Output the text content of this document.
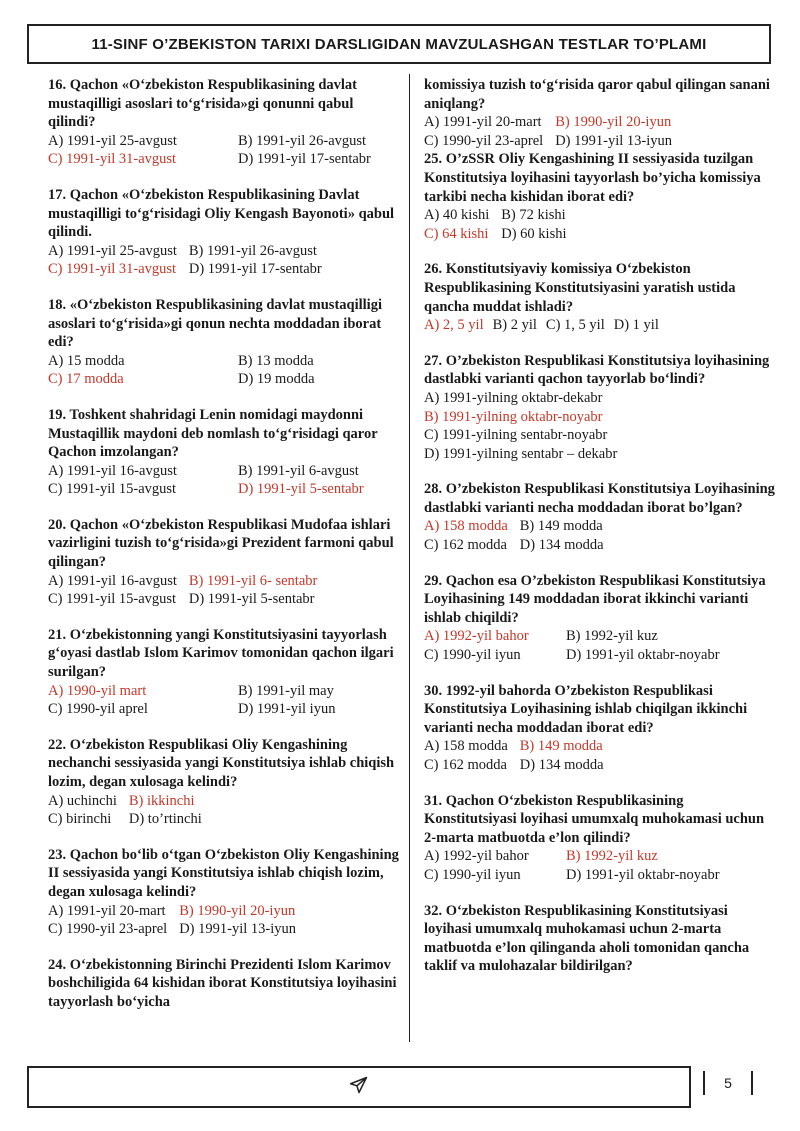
11-SINF O’ZBEKISTON TARIXI DARSLIGIDAN MAVZULASHGAN TESTLAR TO’PLAMI
16. Qachon «O‘zbekiston Respublikasining davlat mustaqilligi asoslari to‘g‘risida»gi qonunni qabul qilindi?
A) 1991-yil 25-avgust	B) 1991-yil 26-avgust
C) 1991-yil 31-avgust	D) 1991-yil 17-sentabr
17. Qachon «O‘zbekiston Respublikasining Davlat mustaqilligi to‘g‘risidagi Oliy Kengash Bayonoti» qabul qilindi.
A) 1991-yil 25-avgust B) 1991-yil 26-avgust
C) 1991-yil 31-avgust D) 1991-yil 17-sentabr
18. «O‘zbekiston Respublikasining davlat mustaqilligi asoslari to‘g‘risida»gi qonun nechta moddadan iborat edi?
A) 15 modda	B) 13 modda
C) 17 modda	D) 19 modda
19. Toshkent shahridagi Lenin nomidagi maydonni Mustaqillik maydoni deb nomlash to‘g‘risidagi qaror Qachon imzolangan?
A) 1991-yil 16-avgust	B) 1991-yil 6-avgust
C) 1991-yil 15-avgust	D) 1991-yil 5-sentabr
20. Qachon «O‘zbekiston Respublikasi Mudofaa ishlari vazirligini tuzish to‘g‘risida»gi Prezident farmoni qabul qilingan?
A) 1991-yil 16-avgust B) 1991-yil 6- sentabr
C) 1991-yil 15-avgust D) 1991-yil 5-sentabr
21. O‘zbekistonning yangi Konstitutsiyasini tayyorlash g‘oyasi dastlab Islom Karimov tomonidan qachon ilgari surilgan?
A) 1990-yil mart	B) 1991-yil may
C) 1990-yil aprel	D) 1991-yil iyun
22. O‘zbekiston Respublikasi Oliy Kengashining nechanchi sessiyasida yangi Konstitutsiya ishlab chiqish lozim, degan xulosaga kelindi?
A) uchinchi B) ikkinchi
C) birinchi	D) to’rtinchi
23. Qachon bo‘lib o‘tgan O‘zbekiston Oliy Kengashining II sessiyasida yangi Konstitutsiya ishlab chiqish lozim, degan xulosaga kelindi?
A) 1991-yil 20-mart B) 1990-yil 20-iyun
C) 1990-yil 23-aprel D) 1991-yil 13-iyun
24. O‘zbekistonning Birinchi Prezidenti Islom Karimov boshchiligida 64 kishidan iborat Konstitutsiya loyihasini tayyorlash bo‘yicha
komissiya tuzish to‘g‘risida qaror qabul qilingan sanani aniqlang?
A) 1991-yil 20-mart B) 1990-yil 20-iyun
C) 1990-yil 23-aprel D) 1991-yil 13-iyun
25. O’zSSR Oliy Kengashining II sessiyasida tuzilgan Konstitutsiya loyihasini tayyorlash bo’yicha komissiya tarkibi necha kishidan iborat edi?
A) 40 kishi B) 72 kishi
C) 64 kishi D) 60 kishi
26. Konstitutsiyaviy komissiya O‘zbekiston Respublikasining Konstitutsiyasini yaratish ustida qancha muddat ishladi?
A) 2, 5 yil B) 2 yil C) 1, 5 yil D) 1 yil
27. O’zbekiston Respublikasi Konstitutsiya loyihasining dastlabki varianti qachon tayyorlab bo‘lindi?
A) 1991-yilning oktabr-dekabr
B) 1991-yilning oktabr-noyabr
C) 1991-yilning sentabr-noyabr
D) 1991-yilning sentabr – dekabr
28. O’zbekiston Respublikasi Konstitutsiya Loyihasining dastlabki varianti necha moddadan iborat bo’lgan?
A) 158 modda B) 149 modda
C) 162 modda D) 134 modda
29. Qachon esa O’zbekiston Respublikasi Konstitutsiya Loyihasining 149 moddadan iborat ikkinchi varianti ishlab chiqildi?
A) 1992-yil bahor	B) 1992-yil kuz
C) 1990-yil iyun	D) 1991-yil oktabr-noyabr
30. 1992-yil bahorda O’zbekiston Respublikasi Konstitutsiya Loyihasining ishlab chiqilgan ikkinchi varianti necha moddadan iborat edi?
A) 158 modda B) 149 modda
C) 162 modda D) 134 modda
31. Qachon O‘zbekiston Respublikasining Konstitutsiyasi loyihasi umumxalq muhokamasi uchun 2-marta matbuotda e’lon qilindi?
A) 1992-yil bahor	B) 1992-yil kuz
C) 1990-yil iyun	D) 1991-yil oktabr-noyabr
32. O‘zbekiston Respublikasining Konstitutsiyasi loyihasi umumxalq muhokamasi uchun 2-marta matbuotda e’lon qilinganda aholi tomonidan qancha taklif va mulohazalar bildirilgan?
5
